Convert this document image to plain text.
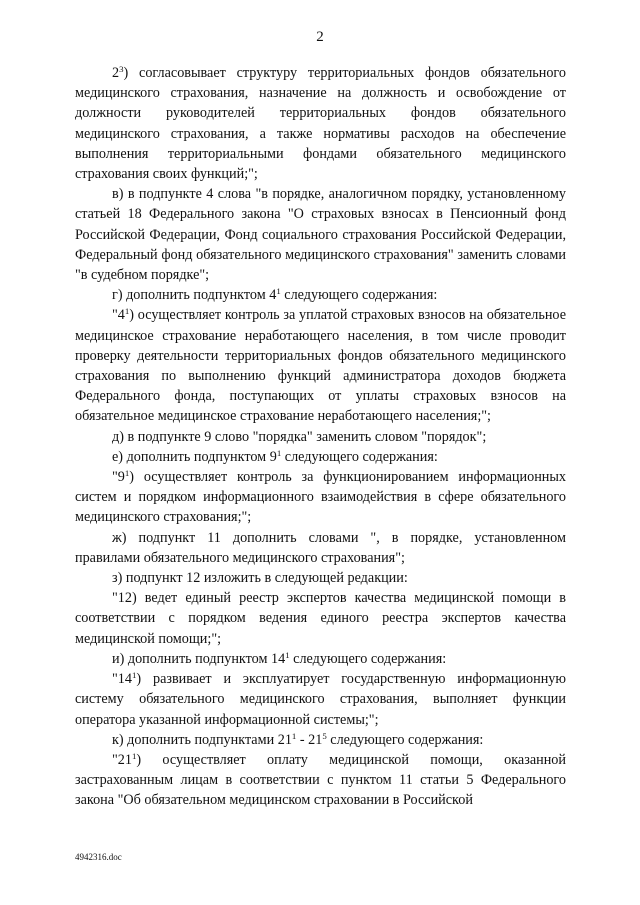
2

$2^3$) согласовывает структуру территориальных фондов обязательного медицинского страхования, назначение на должность и освобождение от должности руководителей территориальных фондов обязательного медицинского страхования, а также нормативы расходов на обеспечение выполнения территориальными фондами обязательного медицинского страхования своих функций;";

в) в подпункте 4 слова "в порядке, аналогичном порядку, установленному статьей 18 Федерального закона "О страховых взносах в Пенсионный фонд Российской Федерации, Фонд социального страхования Российской Федерации, Федеральный фонд обязательного медицинского страхования" заменить словами "в судебном порядке";

г) дополнить подпунктом $4^1$ следующего содержания:

"$4^1$) осуществляет контроль за уплатой страховых взносов на обязательное медицинское страхование неработающего населения, в том числе проводит проверку деятельности территориальных фондов обязательного медицинского страхования по выполнению функций администратора доходов бюджета Федерального фонда, поступающих от уплаты страховых взносов на обязательное медицинское страхование неработающего населения;";

д) в подпункте 9 слово "порядка" заменить словом "порядок";

е) дополнить подпунктом $9^1$ следующего содержания:

"$9^1$) осуществляет контроль за функционированием информационных систем и порядком информационного взаимодействия в сфере обязательного медицинского страхования;";

ж) подпункт 11 дополнить словами ", в порядке, установленном правилами обязательного медицинского страхования";

з) подпункт 12 изложить в следующей редакции:

"12) ведет единый реестр экспертов качества медицинской помощи в соответствии с порядком ведения единого реестра экспертов качества медицинской помощи;";

и) дополнить подпунктом $14^1$ следующего содержания:

"$14^1$) развивает и эксплуатирует государственную информационную систему обязательного медицинского страхования, выполняет функции оператора указанной информационной системы;";

к) дополнить подпунктами $21^1 - 21^5$ следующего содержания:

"$21^1$) осуществляет оплату медицинской помощи, оказанной застрахованным лицам в соответствии с пунктом 11 статьи 5 Федерального закона "Об обязательном медицинском страховании в Российской

4942316.doc
